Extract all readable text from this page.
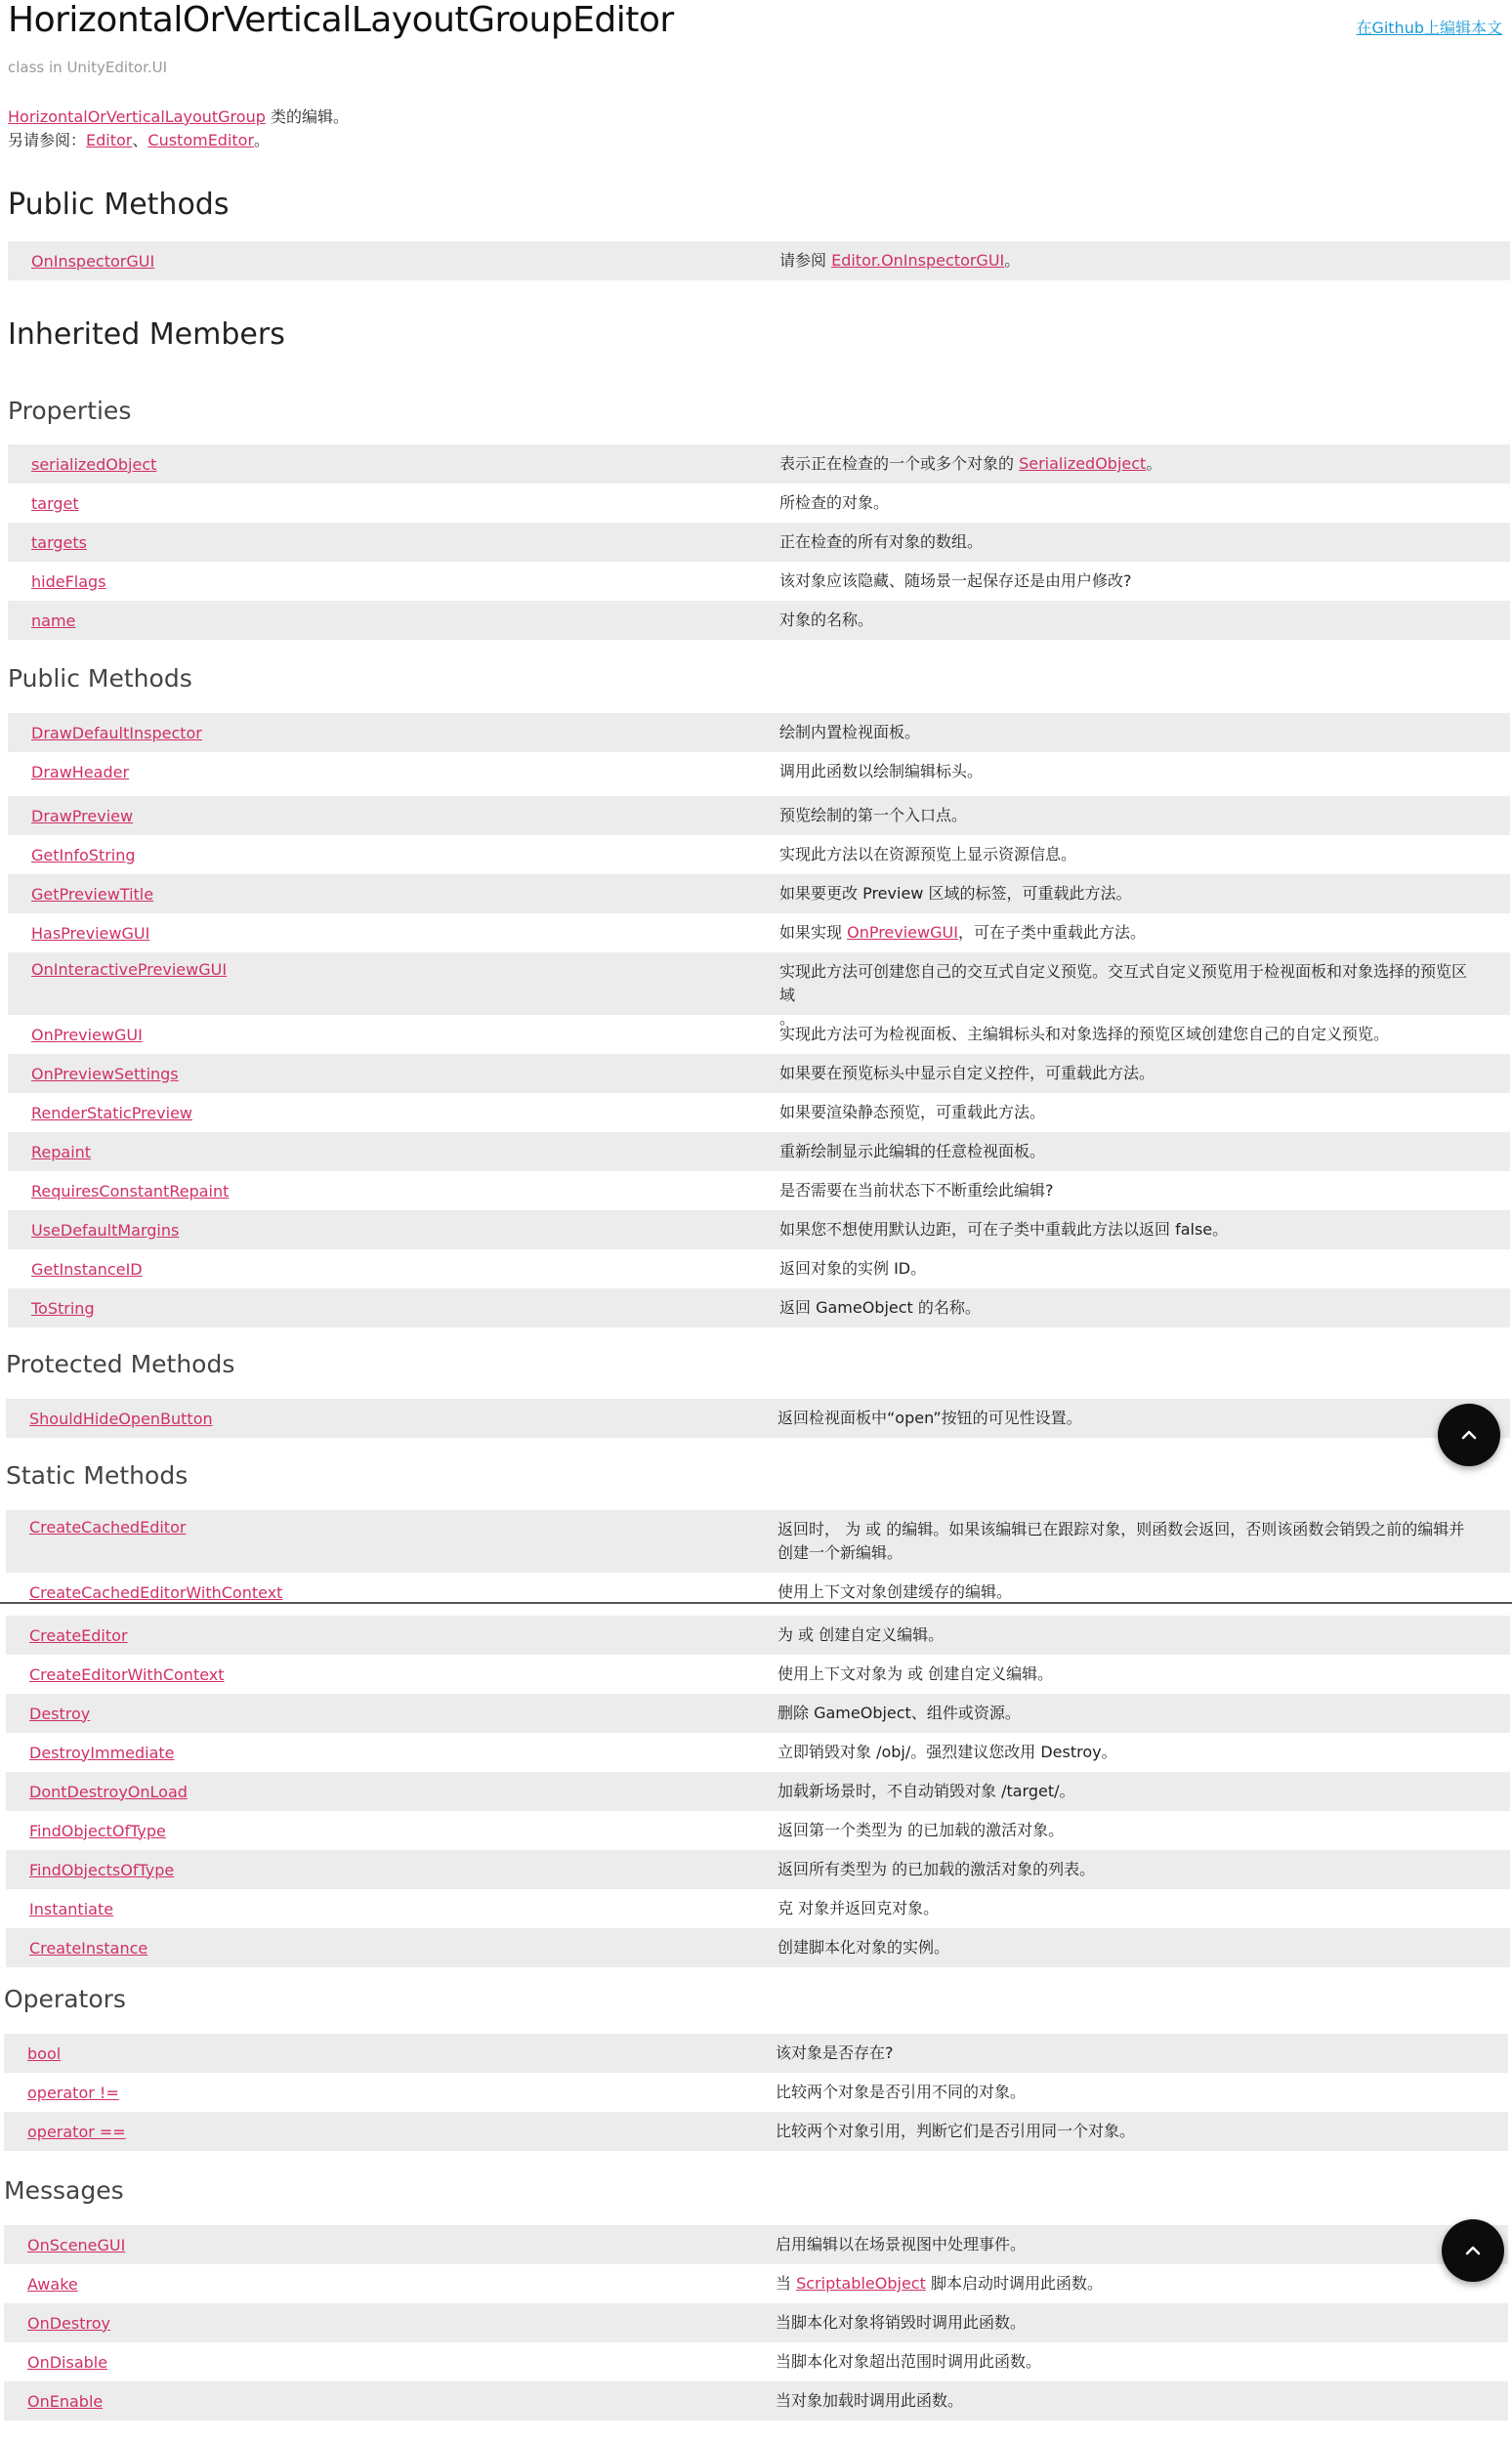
HorizontalOrVerticalLayoutGroupEditor
class in UnityEditor.UI
在Github上编辑本文
HorizontalOrVerticalLayoutGroup 类的编辑。
另请参阅：Editor、CustomEditor。
Public Methods
OnInspectorGUI	请参阅 Editor.OnInspectorGUI。
Inherited Members
Properties
serializedObject	表示正在检查的一个或多个对象的 SerializedObject。
target	所检查的对象。
targets	正在检查的所有对象的数组。
hideFlags	该对象应该隐藏、随场景一起保存还是由用户修改?
name	对象的名称。
Public Methods
DrawDefaultInspector	绘制内置检视面板。
DrawHeader	调用此函数以绘制编辑标头。
DrawPreview	预览绘制的第一个入口点。
GetInfoString	实现此方法以在资源预览上显示资源信息。
GetPreviewTitle	如果要更改 Preview 区域的标签，可重载此方法。
HasPreviewGUI	如果实现 OnPreviewGUI，可在子类中重载此方法。
OnInteractivePreviewGUI	实现此方法可创建您自己的交互式自定义预览。交互式自定义预览用于检视面板和对象选择的预览区域
。
OnPreviewGUI	实现此方法可为检视面板、主编辑标头和对象选择的预览区域创建您自己的自定义预览。
OnPreviewSettings	如果要在预览标头中显示自定义控件，可重载此方法。
RenderStaticPreview	如果要渲染静态预览，可重载此方法。
Repaint	重新绘制显示此编辑的任意检视面板。
RequiresConstantRepaint	是否需要在当前状态下不断重绘此编辑?
UseDefaultMargins	如果您不想使用默认边距，可在子类中重载此方法以返回 false。
GetInstanceID	返回对象的实例 ID。
ToString	返回 GameObject 的名称。
Protected Methods
ShouldHideOpenButton	返回检视面板中“open”按钮的可见性设置。
Static Methods
CreateCachedEditor	返回时， 为 或 的编辑。如果该编辑已在跟踪对象，则函数会返回，否则该函数会销毁之前的编辑并
创建一个新编辑。
CreateCachedEditorWithContext	使用上下文对象创建缓存的编辑。
CreateEditor	为 或 创建自定义编辑。
CreateEditorWithContext	使用上下文对象为 或 创建自定义编辑。
Destroy	删除 GameObject、组件或资源。
DestroyImmediate	立即销毁对象 /obj/。强烈建议您改用 Destroy。
DontDestroyOnLoad	加载新场景时，不自动销毁对象 /target/。
FindObjectOfType	返回第一个类型为 的已加载的激活对象。
FindObjectsOfType	返回所有类型为 的已加载的激活对象的列表。
Instantiate	克 对象并返回克对象。
CreateInstance	创建脚本化对象的实例。
Operators
bool	该对象是否存在?
operator !=	比较两个对象是否引用不同的对象。
operator ==	比较两个对象引用，判断它们是否引用同一个对象。
Messages
OnSceneGUI	启用编辑以在场景视图中处理事件。
Awake	当 ScriptableObject 脚本启动时调用此函数。
OnDestroy	当脚本化对象将销毁时调用此函数。
OnDisable	当脚本化对象超出范围时调用此函数。
OnEnable	当对象加载时调用此函数。
